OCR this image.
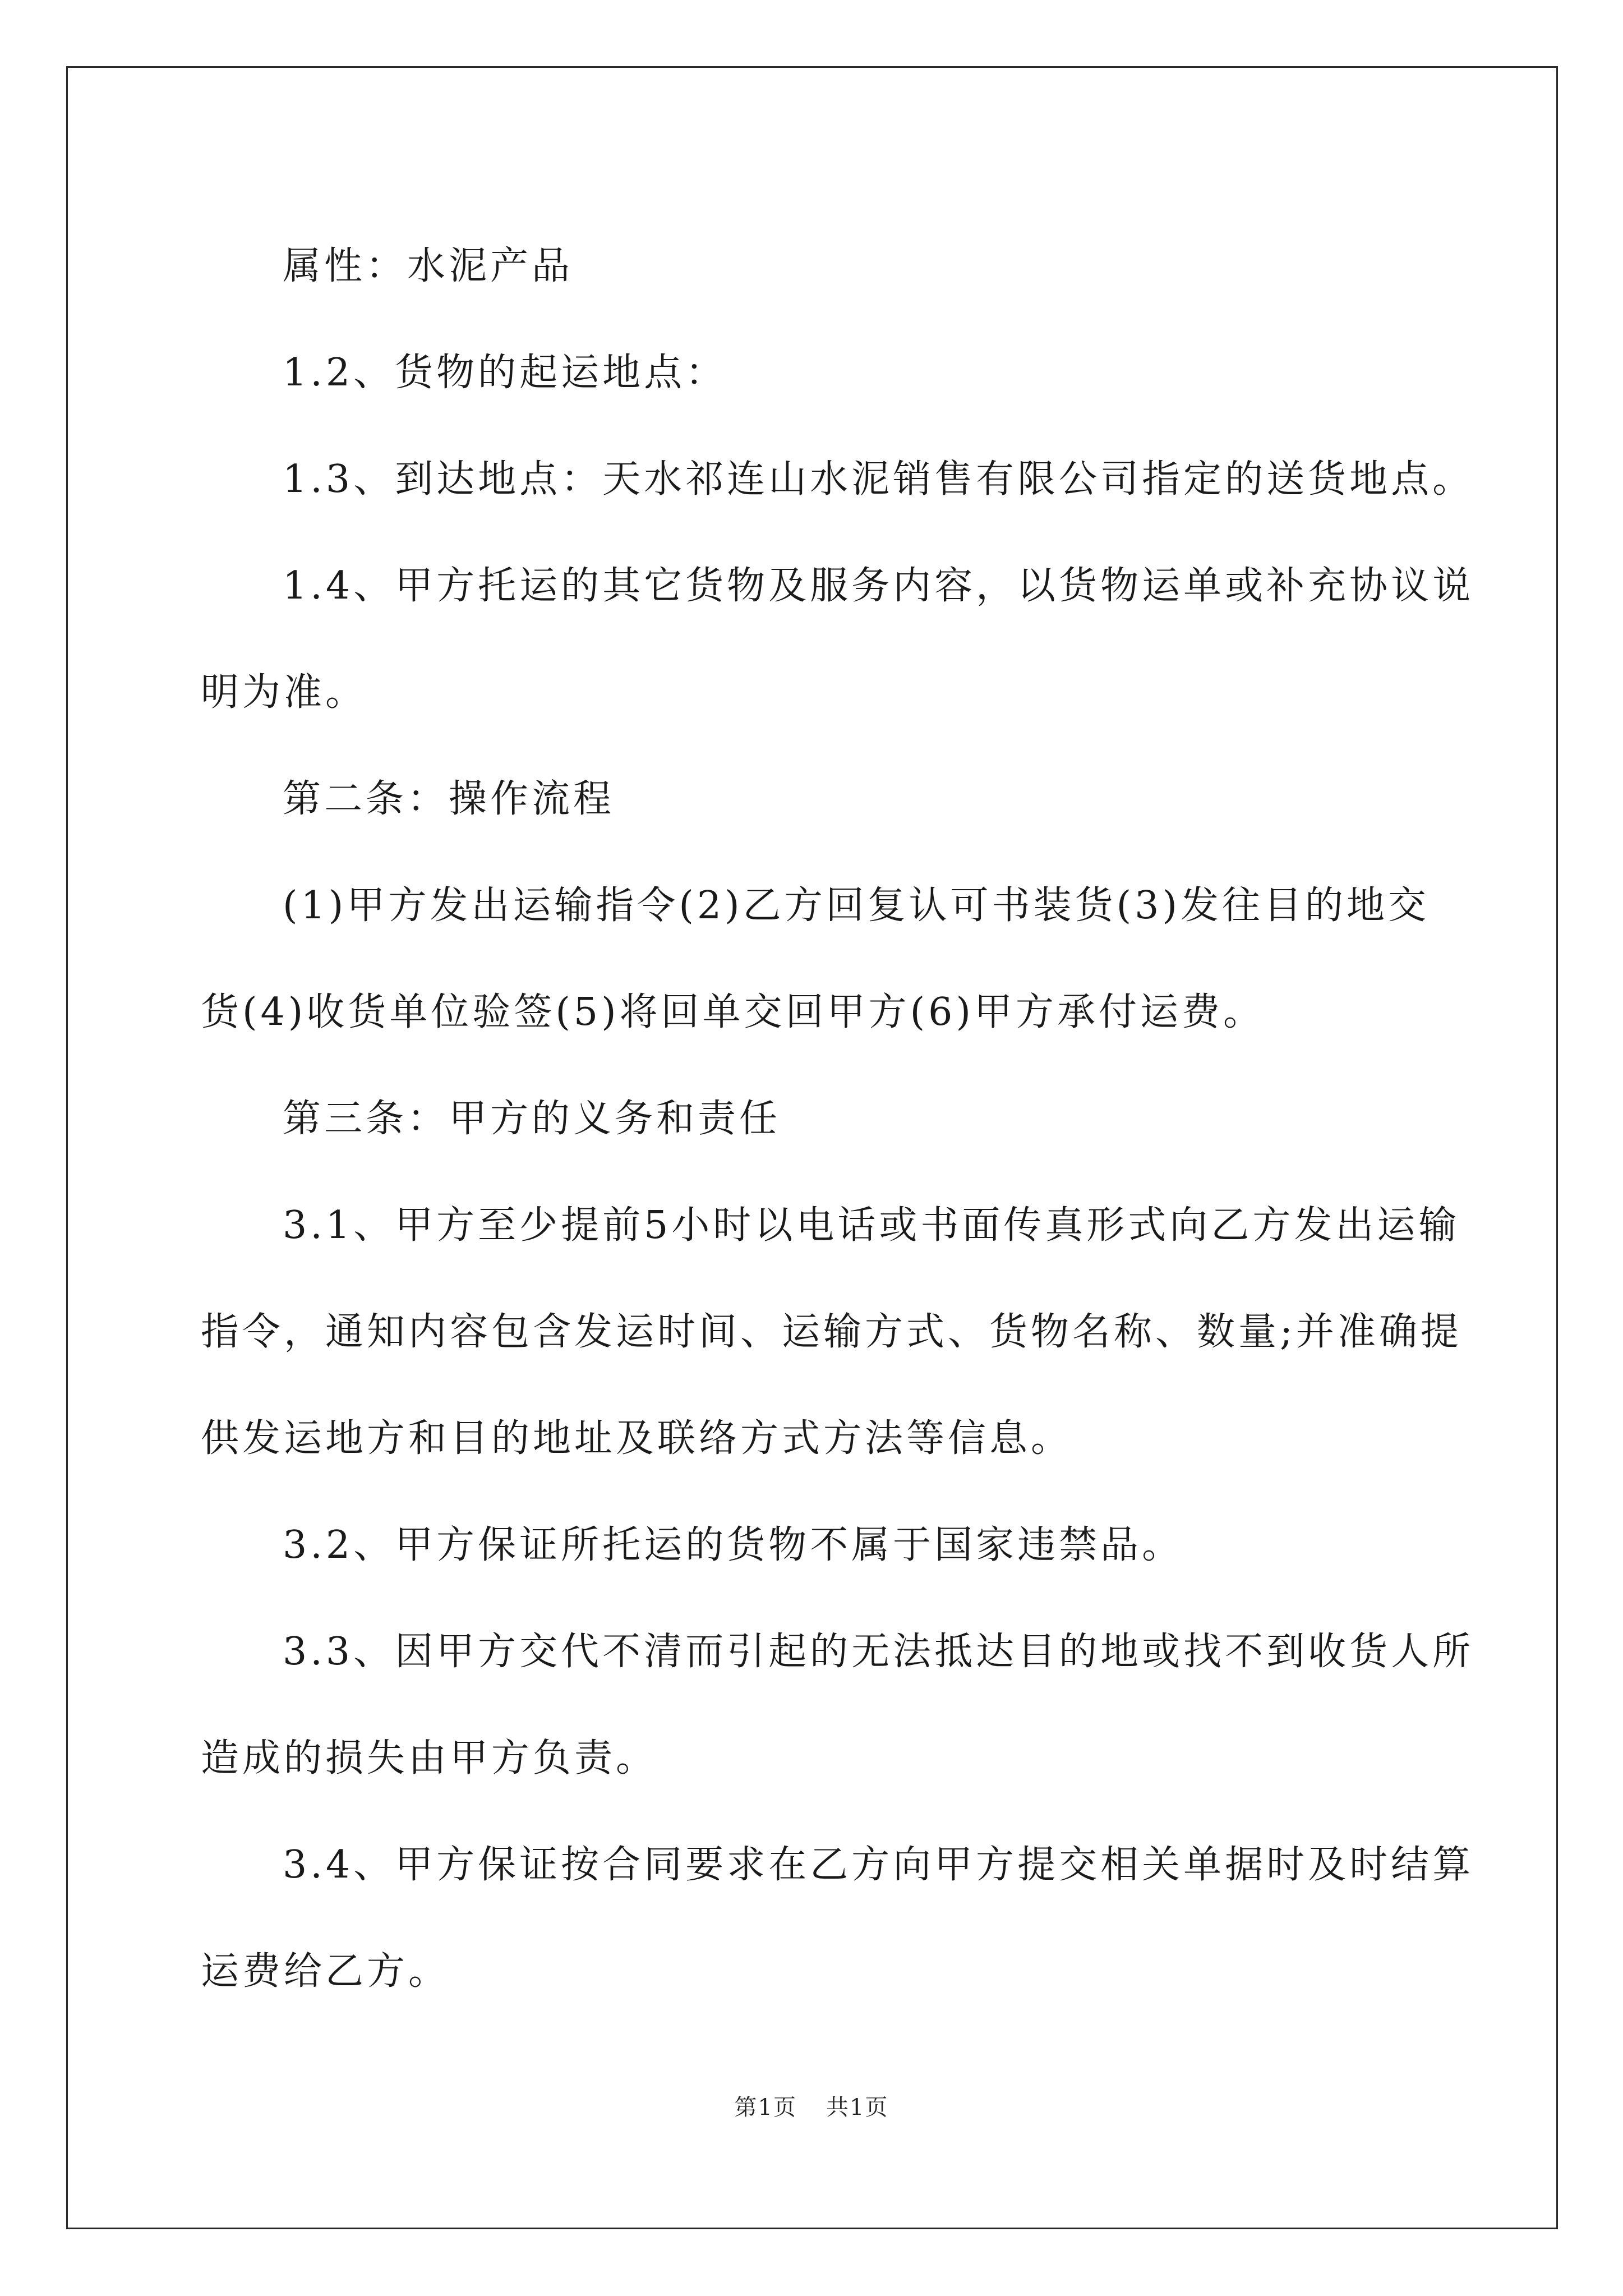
属性：水泥产品

1.2、货物的起运地点：

1.3、到达地点：天水祁连山水泥销售有限公司指定的送货地点。

1.4、甲方托运的其它货物及服务内容，以货物运单或补充协议说
明为准。

第二条：操作流程

(1)甲方发出运输指令(2)乙方回复认可书装货(3)发往目的地交
货(4)收货单位验签(5)将回单交回甲方(6)甲方承付运费。

第三条：甲方的义务和责任

3.1、甲方至少提前5小时以电话或书面传真形式向乙方发出运输
指令，通知内容包含发运时间、运输方式、货物名称、数量;并准确提
供发运地方和目的地址及联络方式方法等信息。

3.2、甲方保证所托运的货物不属于国家违禁品。

3.3、因甲方交代不清而引起的无法抵达目的地或找不到收货人所
造成的损失由甲方负责。

3.4、甲方保证按合同要求在乙方向甲方提交相关单据时及时结算
运费给乙方。

第1页 共1页
